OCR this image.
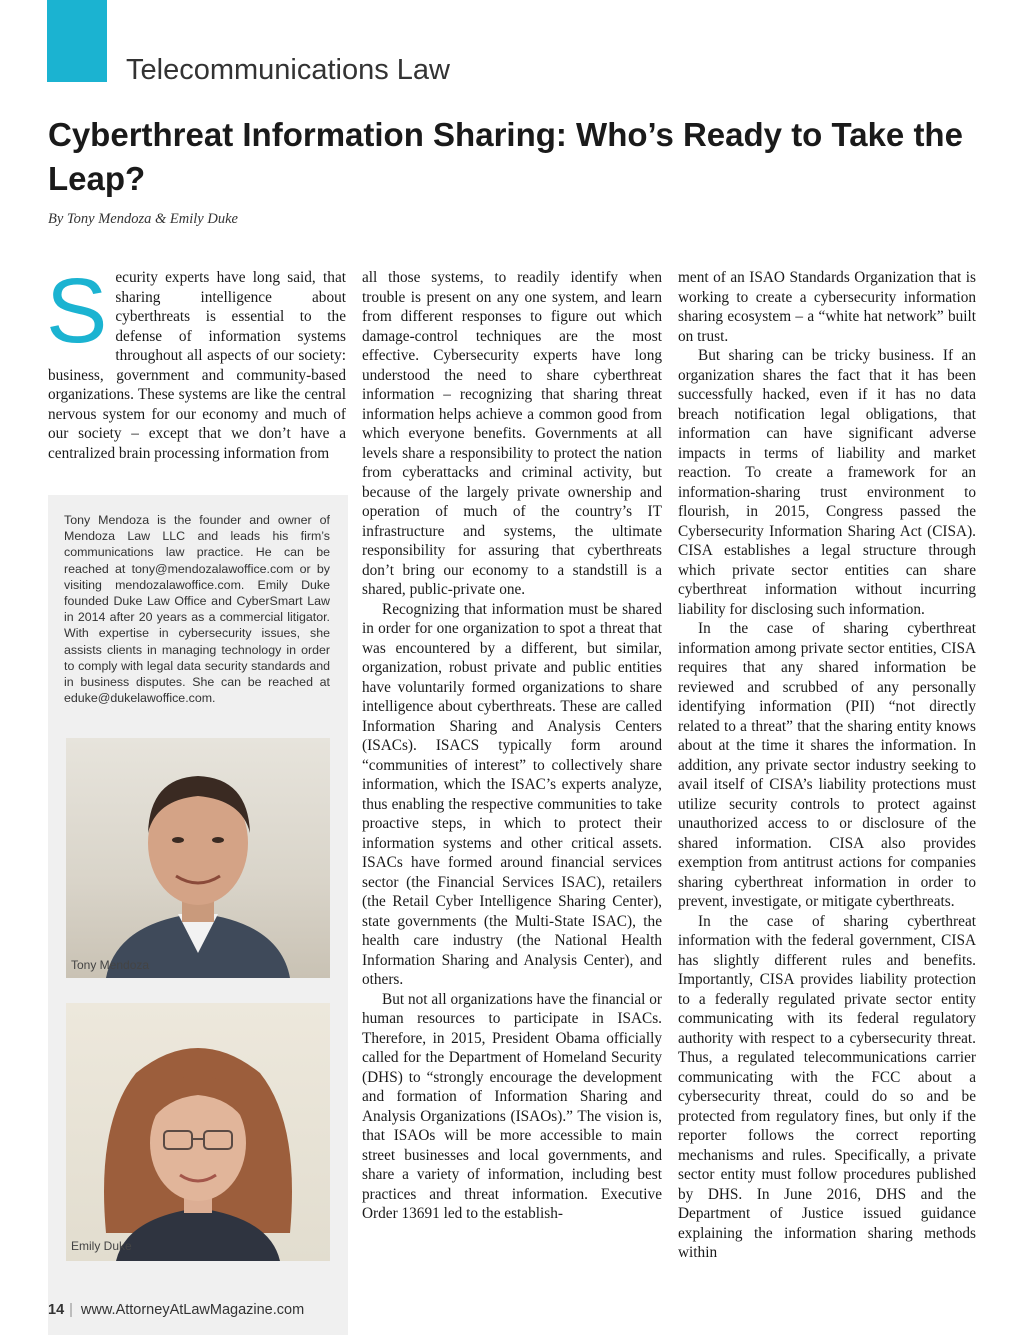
Telecommunications Law
Cyberthreat Information Sharing: Who’s Ready to Take the Leap?
By Tony Mendoza & Emily Duke
S ecurity experts have long said, that sharing intelligence about cyberthreats is essential to the defense of information systems throughout all aspects of our society: business, government and community-based organizations. These systems are like the central nervous system for our economy and much of our society – except that we don’t have a centralized brain processing information from

Tony Mendoza is the founder and owner of Mendoza Law LLC and leads his firm’s communications law practice. He can be reached at tony@mendozalawoffice.com or by visiting mendozalawoffice.com. Emily Duke founded Duke Law Office and CyberSmart Law in 2014 after 20 years as a commercial litigator. With expertise in cybersecurity issues, she assists clients in managing technology in order to comply with legal data security standards and in business disputes. She can be reached at eduke@dukelawoffice.com.

Tony Mendoza
Emily Duke

all those systems, to readily identify when trouble is present on any one system, and learn from different responses to figure out which damage-control techniques are the most effective. Cybersecurity experts have long understood the need to share cyberthreat information – recognizing that sharing threat information helps achieve a common good from which everyone benefits. Governments at all levels share a responsibility to protect the nation from cyberattacks and criminal activity, but because of the largely private ownership and operation of much of the country’s IT infrastructure and systems, the ultimate responsibility for assuring that cyberthreats don’t bring our economy to a standstill is a shared, public-private one.

Recognizing that information must be shared in order for one organization to spot a threat that was encountered by a different, but similar, organization, robust private and public entities have voluntarily formed organizations to share intelligence about cyberthreats. These are called Information Sharing and Analysis Centers (ISACs). ISACS typically form around “communities of interest” to collectively share information, which the ISAC’s experts analyze, thus enabling the respective communities to take proactive steps, in which to protect their information systems and other critical assets. ISACs have formed around financial services sector (the Financial Services ISAC), retailers (the Retail Cyber Intelligence Sharing Center), state governments (the Multi-State ISAC), the health care industry (the National Health Information Sharing and Analysis Center), and others.

But not all organizations have the financial or human resources to participate in ISACs. Therefore, in 2015, President Obama officially called for the Department of Homeland Security (DHS) to “strongly encourage the development and formation of Information Sharing and Analysis Organizations (ISAOs).” The vision is, that ISAOs will be more accessible to main street businesses and local governments, and share a variety of information, including best practices and threat information. Executive Order 13691 led to the establish-

ment of an ISAO Standards Organization that is working to create a cybersecurity information sharing ecosystem – a “white hat network” built on trust.

But sharing can be tricky business. If an organization shares the fact that it has been successfully hacked, even if it has no data breach notification legal obligations, that information can have significant adverse impacts in terms of liability and market reaction. To create a framework for an information-sharing trust environment to flourish, in 2015, Congress passed the Cybersecurity Information Sharing Act (CISA). CISA establishes a legal structure through which private sector entities can share cyberthreat information without incurring liability for disclosing such information.

In the case of sharing cyberthreat information among private sector entities, CISA requires that any shared information be reviewed and scrubbed of any personally identifying information (PII) “not directly related to a threat” that the sharing entity knows about at the time it shares the information. In addition, any private sector industry seeking to avail itself of CISA’s liability protections must utilize security controls to protect against unauthorized access to or disclosure of the shared information. CISA also provides exemption from antitrust actions for companies sharing cyberthreat information in order to prevent, investigate, or mitigate cyberthreats.

In the case of sharing cyberthreat information with the federal government, CISA has slightly different rules and benefits. Importantly, CISA provides liability protection to a federally regulated private sector entity communicating with its federal regulatory authority with respect to a cybersecurity threat. Thus, a regulated telecommunications carrier communicating with the FCC about a cybersecurity threat, could do so and be protected from regulatory fines, but only if the reporter follows the correct reporting mechanisms and rules. Specifically, a private sector entity must follow procedures published by DHS. In June 2016, DHS and the Department of Justice issued guidance explaining the information sharing methods within

14 | www.AttorneyAtLawMagazine.com
